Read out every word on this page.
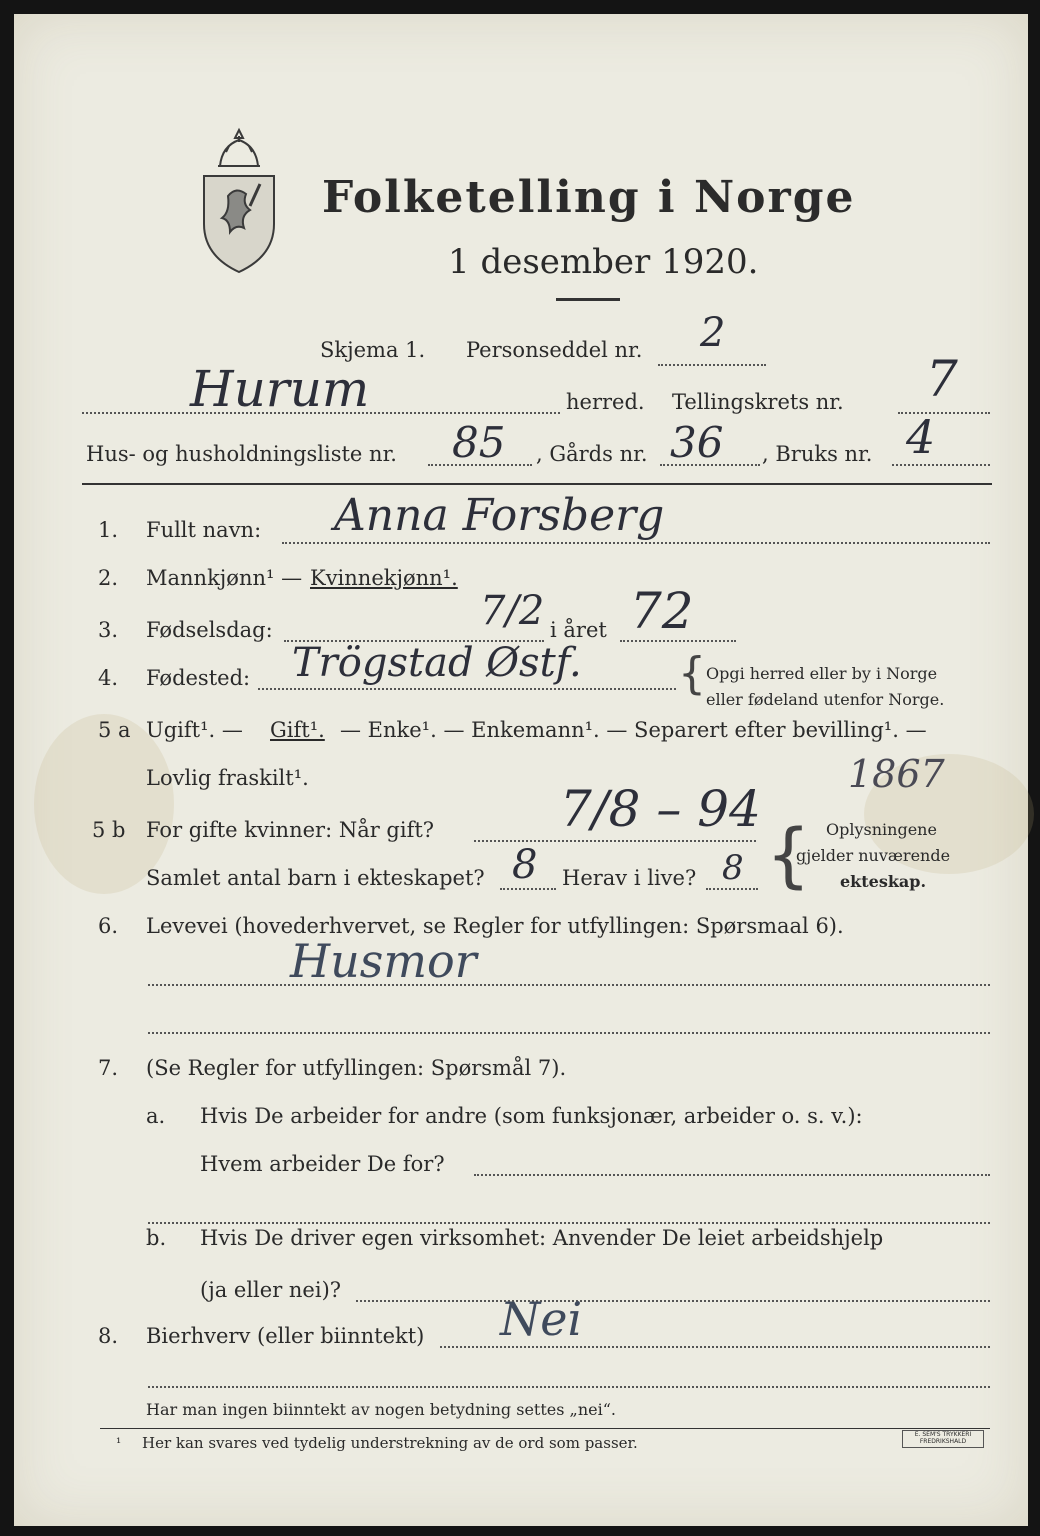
Folketelling i Norge
1 desember 1920.
Skjema 1. Personseddel nr. 2
Hurum	herred. Tellingskrets nr. 7
Hus- og husholdningsliste nr. 85 , Gårds nr. 36 , Bruks nr. 4
1. Fullt navn: Anna Forsberg
2. Mannkjønn¹ — Kvinnekjønn¹.
3. Fødselsdag:	7/2 i året 72
4. Fødested: Trögstad Østf. { Opgi herred eller by i Norge
eller fødeland utenfor Norge.
5 a Ugift¹. — Gift¹. — Enke¹. — Enkemann¹. — Separert efter bevilling¹. —
Lovlig fraskilt¹.	1867
5 b For gifte kvinner: Når gift?	7/8 – 94
Samlet antal barn i ekteskapet? 8 Herav i live? 8 { Oplysningene
gjelder nuværende
ekteskap.
6. Levevei (hovederhvervet, se Regler for utfyllingen: Spørsmaal 6).
Husmor
7. (Se Regler for utfyllingen: Spørsmål 7).
a. Hvis De arbeider for andre (som funksjonær, arbeider o. s. v.):
Hvem arbeider De for?
b. Hvis De driver egen virksomhet: Anvender De leiet arbeidshjelp
(ja eller nei)?
8. Bierhverv (eller biinntekt) Nei
Har man ingen biinntekt av nogen betydning settes „nei“.
¹ Her kan svares ved tydelig understrekning av de ord som passer.	E. SEM'S TRYKKERI FREDRIKSHALD
